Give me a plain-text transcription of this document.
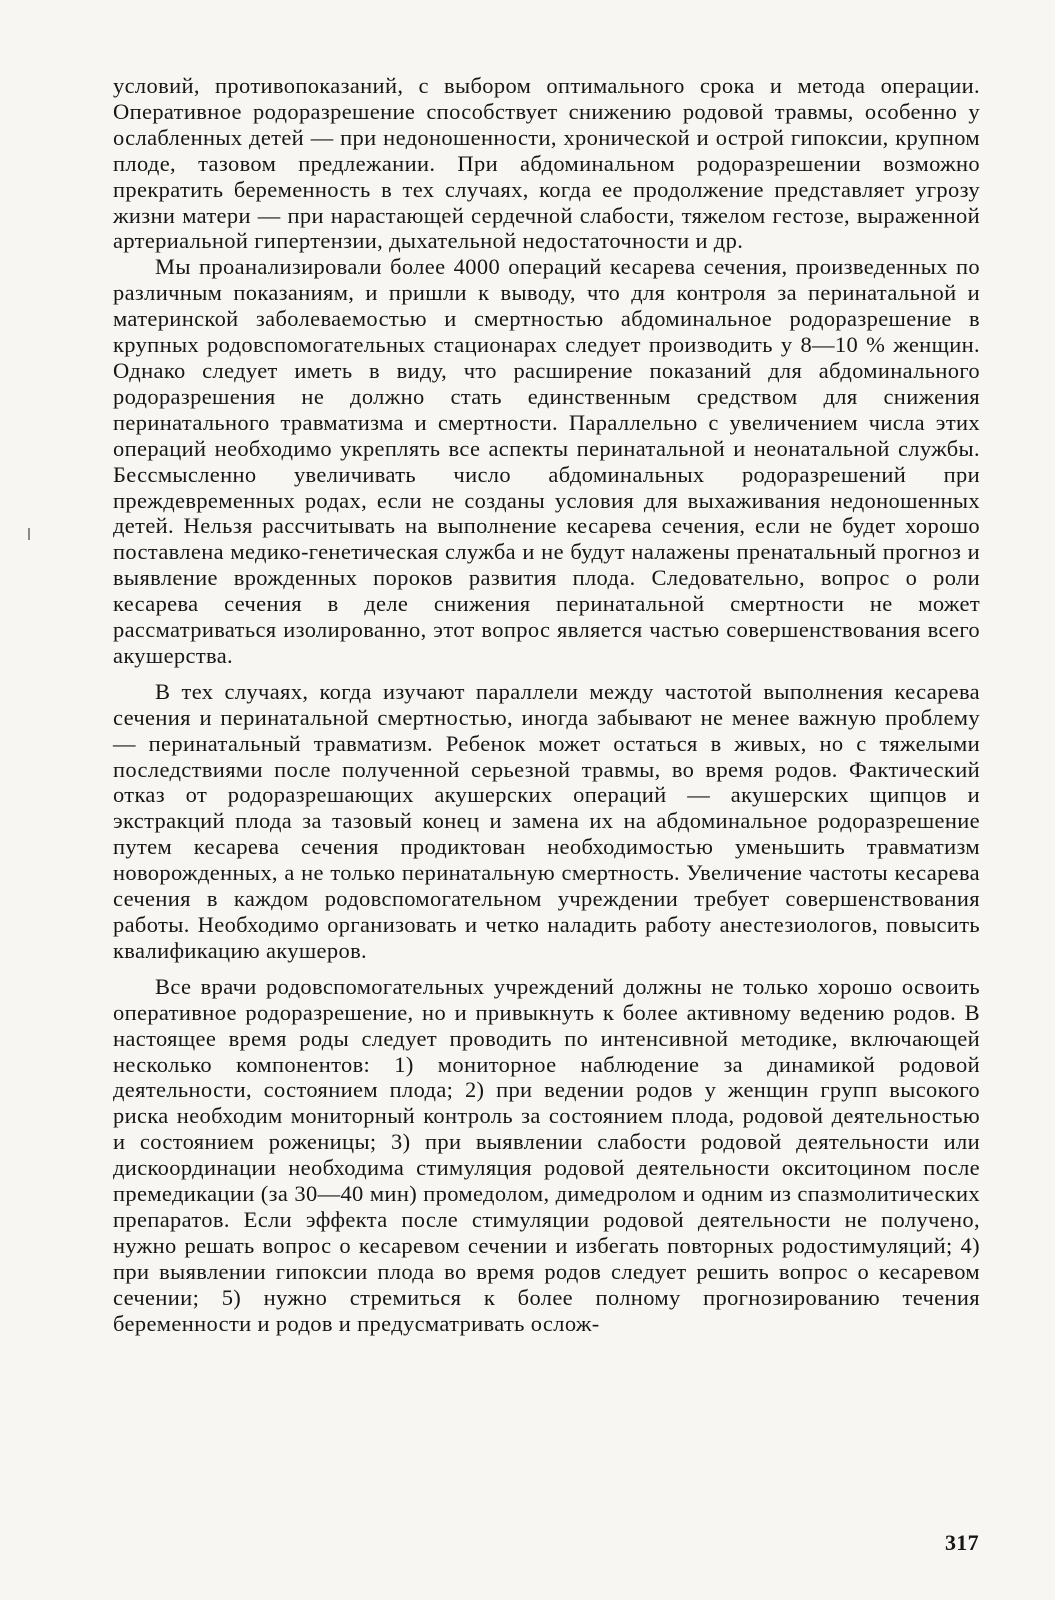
условий, противопоказаний, с выбором оптимального срока и метода операции. Оперативное родоразрешение способствует снижению родовой травмы, особенно у ослабленных детей — при недоношенности, хронической и острой гипоксии, крупном плоде, тазовом предлежании. При абдоминальном родоразрешении возможно прекратить беременность в тех случаях, когда ее продолжение представляет угрозу жизни матери — при нарастающей сердечной слабости, тяжелом гестозе, выраженной артериальной гипертензии, дыхательной недостаточности и др.

Мы проанализировали более 4000 операций кесарева сечения, произведенных по различным показаниям, и пришли к выводу, что для контроля за перинатальной и материнской заболеваемостью и смертностью абдоминальное родоразрешение в крупных родовспомогательных стационарах следует производить у 8—10 % женщин. Однако следует иметь в виду, что расширение показаний для абдоминального родоразрешения не должно стать единственным средством для снижения перинатального травматизма и смертности. Параллельно с увеличением числа этих операций необходимо укреплять все аспекты перинатальной и неонатальной службы. Бессмысленно увеличивать число абдоминальных родоразрешений при преждевременных родах, если не созданы условия для выхаживания недоношенных детей. Нельзя рассчитывать на выполнение кесарева сечения, если не будет хорошо поставлена медико-генетическая служба и не будут налажены пренатальный прогноз и выявление врожденных пороков развития плода. Следовательно, вопрос о роли кесарева сечения в деле снижения перинатальной смертности не может рассматриваться изолированно, этот вопрос является частью совершенствования всего акушерства.

В тех случаях, когда изучают параллели между частотой выполнения кесарева сечения и перинатальной смертностью, иногда забывают не менее важную проблему — перинатальный травматизм. Ребенок может остаться в живых, но с тяжелыми последствиями после полученной серьезной травмы, во время родов. Фактический отказ от родоразрешающих акушерских операций — акушерских щипцов и экстракций плода за тазовый конец и замена их на абдоминальное родоразрешение путем кесарева сечения продиктован необходимостью уменьшить травматизм новорожденных, а не только перинатальную смертность. Увеличение частоты кесарева сечения в каждом родовспомогательном учреждении требует совершенствования работы. Необходимо организовать и четко наладить работу анестезиологов, повысить квалификацию акушеров.

Все врачи родовспомогательных учреждений должны не только хорошо освоить оперативное родоразрешение, но и привыкнуть к более активному ведению родов. В настоящее время роды следует проводить по интенсивной методике, включающей несколько компонентов: 1) мониторное наблюдение за динамикой родовой деятельности, состоянием плода; 2) при ведении родов у женщин групп высокого риска необходим мониторный контроль за состоянием плода, родовой деятельностью и состоянием роженицы; 3) при выявлении слабости родовой деятельности или дискоординации необходима стимуляция родовой деятельности окситоцином после премедикации (за 30—40 мин) промедолом, димедролом и одним из спазмолитических препаратов. Если эффекта после стимуляции родовой деятельности не получено, нужно решать вопрос о кесаревом сечении и избегать повторных родостимуляций; 4) при выявлении гипоксии плода во время родов следует решить вопрос о кесаревом сечении; 5) нужно стремиться к более полному прогнозированию течения беременности и родов и предусматривать ослож-

317
